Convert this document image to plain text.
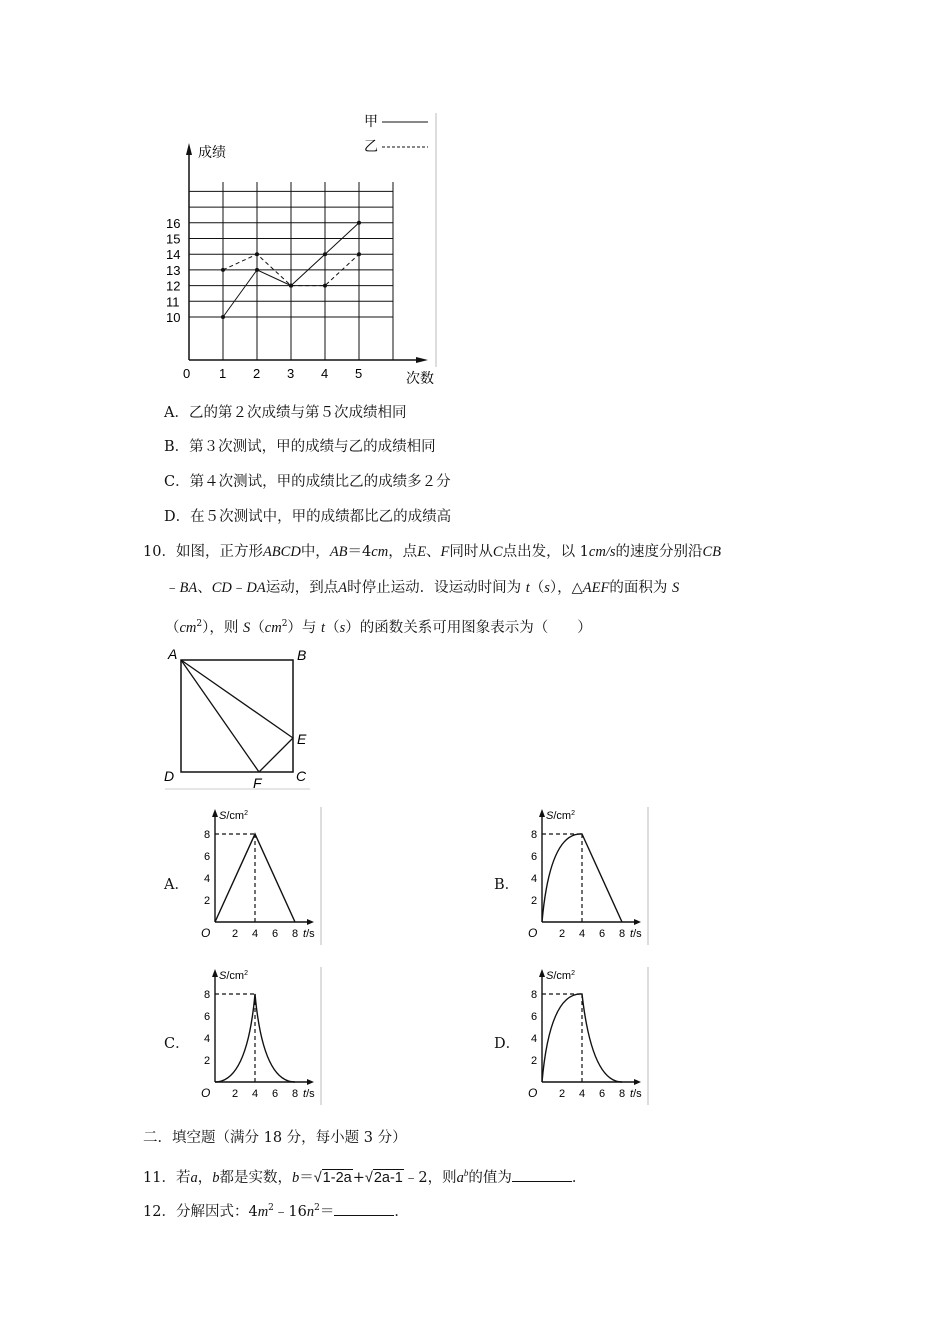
甲
乙
成绩
0	次数
1 2 3 4 5
10
11
12
13
14
15
16
A．乙的第２次成绩与第５次成绩相同
B．第３次测试，甲的成绩与乙的成绩相同
C．第４次测试，甲的成绩比乙的成绩多２分
D．在５次测试中，甲的成绩都比乙的成绩高
10．如图，正方形ABCD中，AB＝4cm，点E、F同时从C点出发，以 1cm/s的速度分别沿CB
﹣BA、CD﹣DA运动，到点A时停止运动．设运动时间为 t（s），△AEF的面积为 S
$(cm^2)$，则 $S(cm^2)$与 t（s）的函数关系可用图象表示为（　　）
A	B
E
D	C
F
A．
$S/cm^2$
t/s
O 2 4 6 8
2
4
6
8
B．
$S/cm^2$
t/s
O 2 4 6 8
2
4
6
8
C．
$S/cm^2$
t/s
O 2 4 6 8
2
4
6
8
D．
$S/cm^2$
t/s
O 2 4 6 8
2
4
6
8
二．填空题（满分 18 分，每小题 3 分）
11．若a，b都是实数，b＝√1-2a+√2a-1﹣2，则$a^b$的值为	．
12．分解因式：$4m^2﹣16n^2=$	．
